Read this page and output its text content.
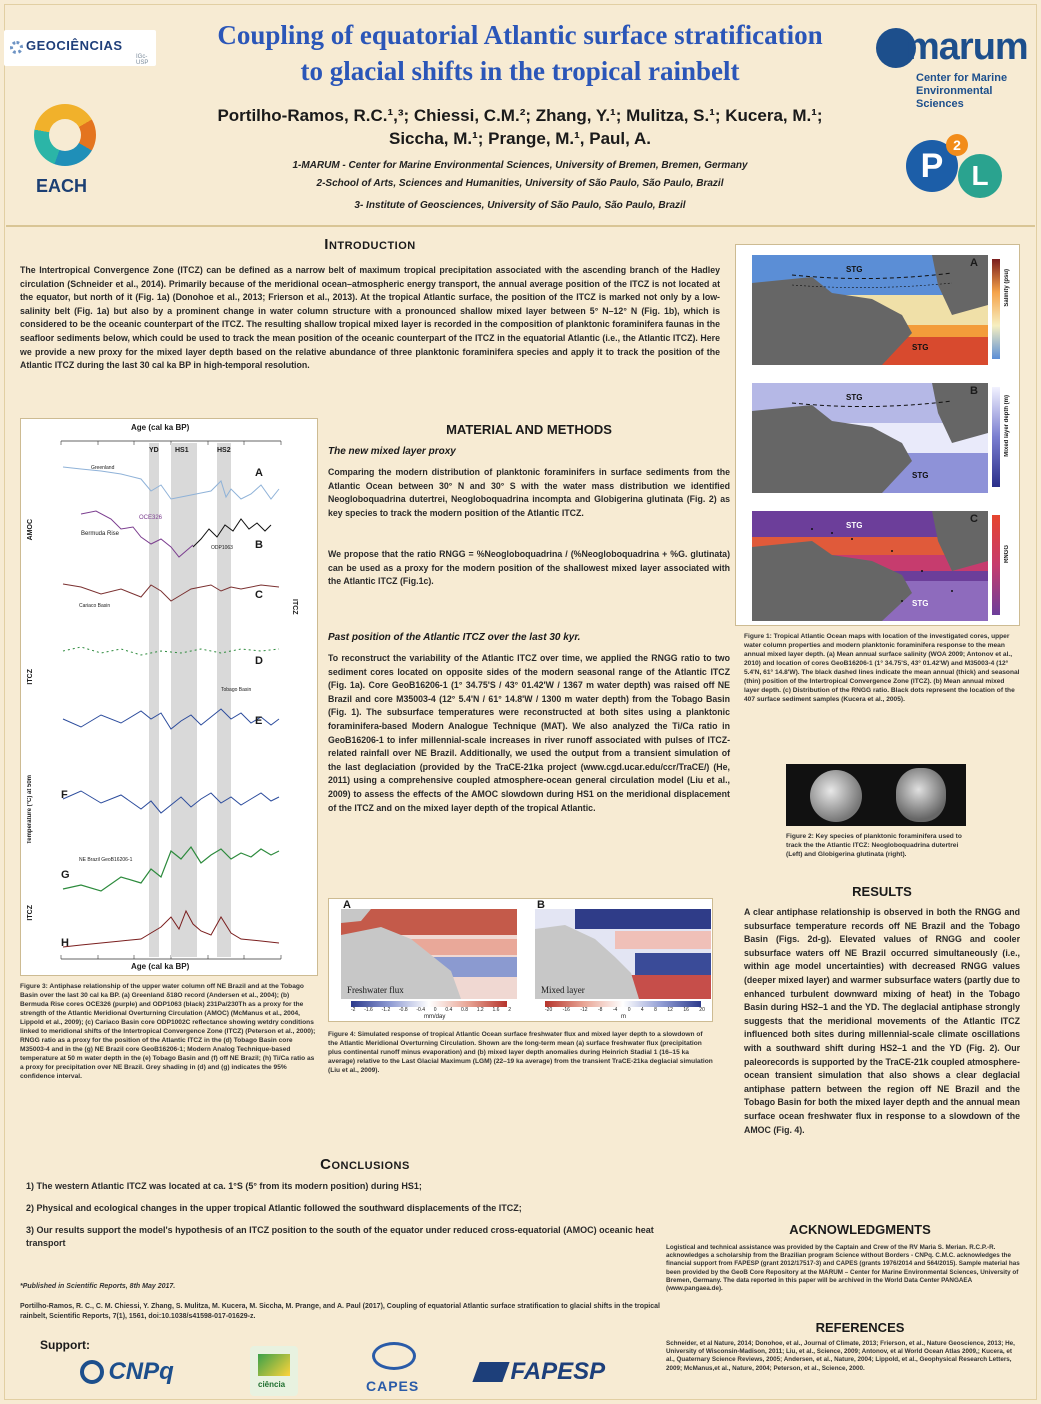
GEOCIÊNCIAS
IGc-USP
EACH
marum
Center for Marine
Environmental Sciences
P	L
2
Coupling of equatorial Atlantic surface stratification
to glacial shifts in the tropical rainbelt
Portilho-Ramos, R.C.¹,³; Chiessi, C.M.²; Zhang, Y.¹; Mulitza, S.¹; Kucera, M.¹;
Siccha, M.¹; Prange, M.¹, Paul, A.
1-MARUM - Center for Marine Environmental Sciences, University of Bremen, Bremen, Germany
2-School of Arts, Sciences and Humanities, University of São Paulo, São Paulo, Brazil
3- Institute of Geosciences, University of São Paulo, São Paulo, Brazil
Introduction
The Intertropical Convergence Zone (ITCZ) can be defined as a narrow belt of maximum tropical precipitation associated with the ascending branch of the Hadley circulation (Schneider et al., 2014). Primarily because of the meridional ocean–atmospheric energy transport, the annual average position of the ITCZ is not located at the equator, but north of it (Fig. 1a) (Donohoe et al., 2013; Frierson et al., 2013). At the tropical Atlantic surface, the position of the ITCZ is marked not only by a low-salinity belt (Fig. 1a) but also by a prominent change in water column structure with a pronounced shallow mixed layer between 5° N–12° N (Fig. 1b), which is considered to be the oceanic counterpart of the ITCZ. The resulting shallow tropical mixed layer is recorded in the composition of planktonic foraminifera faunas in the seafloor sediments below, which could be used to track the mean position of the oceanic counterpart of the ITCZ in the equatorial Atlantic (i.e., the Atlantic ITCZ). Here we provide a new proxy for the mixed layer depth based on the relative abundance of three planktonic foraminifera species and apply it to track the position of the Atlantic ITCZ during the last 30 cal ka BP in high-temporal resolution.
Age (cal ka BP)
YD HS1	HS2
A
B
C
D
E
F
G
H
Greenland
OCE326
Bermuda Rise
ODP1063
Cariaco Basin
Tobago Basin
NE Brazil GeoB16206-1
AMOC
ITCZ
ITCZ
Temperature (°C) at 50m
ITCZ
Age (cal ka BP)
Figure 3: Antiphase relationship of the upper water column off NE Brazil and at the Tobago Basin over the last 30 cal ka BP. (a) Greenland δ18O record (Andersen et al., 2004); (b) Bermuda Rise cores OCE326 (purple) and ODP1063 (black) 231Pa/230Th as a proxy for the strength of the Atlantic Meridional Overturning Circulation (AMOC) (McManus et al., 2004, Lippold et al., 2009); (c) Cariaco Basin core ODP1002C reflectance showing wetdry conditions linked to meridional shifts of the Intertropical Convergence Zone (ITCZ) (Peterson et al., 2000); RNGG ratio as a proxy for the position of the Atlantic ITCZ in the (d) Tobago Basin core M35003-4 and in the (g) NE Brazil core GeoB16206-1; Modern Analog Technique-based temperature at 50 m water depth in the (e) Tobago Basin and (f) off NE Brazil; (h) Ti/Ca ratio as a proxy for precipitation over NE Brazil. Grey shading in (d) and (g) indicates the 95% confidence interval.
MATERIAL AND METHODS
The new mixed layer proxy
Comparing the modern distribution of planktonic foraminifers in surface sediments from the Atlantic Ocean between 30° N and 30° S with the water mass distribution we identified Neogloboquadrina dutertrei, Neogloboquadrina incompta and Globigerina glutinata (Fig. 2) as key species to track the modern position of the Atlantic ITCZ.
We propose that the ratio RNGG = %Neogloboquadrina / (%Neogloboquadrina + %G. glutinata) can be used as a proxy for the modern position of the shallowest mixed layer associated with the Atlantic ITCZ (Fig.1c).
Past position of the Atlantic ITCZ over the last 30 kyr.
To reconstruct the variability of the Atlantic ITCZ over time, we applied the RNGG ratio to two sediment cores located on opposite sides of the modern seasonal range of the Atlantic ITCZ (Fig. 1a). Core GeoB16206-1 (1° 34.75'S / 43° 01.42'W / 1367 m water depth) was raised off NE Brazil and core M35003-4 (12° 5.4'N / 61° 14.8'W / 1300 m water depth) from the Tobago Basin (Fig. 1). The subsurface temperatures were reconstructed at both sites using a planktonic foraminifera-based Modern Analogue Technique (MAT). We also analyzed the Ti/Ca ratio in GeoB16206-1 to infer millennial-scale increases in river runoff associated with pulses of ITCZ-related rainfall over NE Brazil. Additionally, we used the output from a transient simulation of the last deglaciation (provided by the TraCE-21ka project (www.cgd.ucar.edu/ccr/TraCE/) (He, 2011) using a comprehensive coupled atmosphere-ocean general circulation model (Liu et al., 2009) to assess the effects of the AMOC slowdown during HS1 on the meridional displacement of the ITCZ and on the mixed layer depth of the tropical Atlantic.
A	B
Freshwater flux	Mixed layer
-2 -1.6 -1.2 -0.8 -0.4 0 0.4 0.8 1.2 1.6 2	-20 -16 -12 -8 -4 0 4 8 12 16 20
mm/day	m
Figure 4: Simulated response of tropical Atlantic Ocean surface freshwater flux and mixed layer depth to a slowdown of the Atlantic Meridional Overturning Circulation. Shown are the long-term mean (a) surface freshwater flux (precipitation plus continental runoff minus evaporation) and (b) mixed layer depth anomalies during Heinrich Stadial 1 (16–15 ka average) relative to the Last Glacial Maximum (LGM) (22–19 ka average) from the transient TraCE-21ka deglacial simulation (Liu et al., 2009).
A
B
C
STG
STG
STG
STG
STG
STG
Salinity (psu)
Mixed layer depth (m)
RNGG
Figure 1: Tropical Atlantic Ocean maps with location of the investigated cores, upper water column properties and modern planktonic foraminifera response to the mean annual mixed layer depth. (a) Mean annual surface salinity (WOA 2009; Antonov et al., 2010) and location of cores GeoB16206-1 (1° 34.75'S, 43° 01.42'W) and M35003-4 (12° 5.4'N, 61° 14.8'W). The black dashed lines indicate the mean annual (thick) and seasonal (thin) position of the Intertropical Convergence Zone (ITCZ). (b) Mean annual mixed layer depth. (c) Distribution of the RNGG ratio. Black dots represent the location of the 407 surface sediment samples (Kucera et al., 2005).
Figure 2: Key species of planktonic foraminifera used to track the the Atlantic ITCZ: Neogloboquadrina dutertrei (Left) and Globigerina glutinata (right).
RESULTS
A clear antiphase relationship is observed in both the RNGG and subsurface temperature records off NE Brazil and the Tobago Basin (Figs. 2d-g). Elevated values of RNGG and cooler subsurface waters off NE Brazil occurred simultaneously (i.e., within age model uncertainties) with decreased RNGG values (deeper mixed layer) and warmer subsurface waters (partly due to enhanced turbulent downward mixing of heat) in the Tobago Basin during HS2–1 and the YD. The deglacial antiphase strongly suggests that the meridional movements of the Atlantic ITCZ influenced both sites during millennial-scale climate oscillations with a southward shift during HS2–1 and the YD (Fig. 2). Our paleorecords is supported by the TraCE-21k coupled atmosphere-ocean transient simulation that also shows a clear deglacial antiphase pattern between the region off NE Brazil and the Tobago Basin for both the mixed layer depth and the annual mean surface ocean freshwater flux in response to a slowdown of the AMOC (Fig. 4).
ACKNOWLEDGMENTS
Logistical and technical assistance was provided by the Captain and Crew of the RV Maria S. Merian. R.C.P.-R. acknowledges a scholarship from the Brazilian program Science without Borders - CNPq. C.M.C. acknowledges the financial support from FAPESP (grant 2012/17517-3) and CAPES (grants 1976/2014 and 564/2015). Sample material has been provided by the GeoB Core Repository at the MARUM – Center for Marine Environmental Sciences, University of Bremen, Germany. The data reported in this paper will be archived in the World Data Center PANGAEA (www.pangaea.de).
REFERENCES
Schneider, et al Nature, 2014; Donohoe, et al., Journal of Climate, 2013; Frierson, et al., Nature Geoscience, 2013; He, University of Wisconsin-Madison, 2011; Liu, et al., Science, 2009; Antonov, et al World Ocean Atlas 2009,; Kucera, et al., Quaternary Science Reviews, 2005; Andersen, et al., Nature, 2004; Lippold, et al., Geophysical Research Letters, 2009; McManus,et al., Nature, 2004; Peterson, et al., Science, 2000.
Conclusions
1) The western Atlantic ITCZ was located at ca. 1°S (5° from its modern position) during HS1;
2) Physical and ecological changes in the upper tropical Atlantic followed the southward displacements of the ITCZ;
3) Our results support the model's hypothesis of an ITCZ position to the south of the equator under reduced cross-equatorial (AMOC) oceanic heat transport
*Published in Scientific Reports, 8th May 2017.
Portilho-Ramos, R. C., C. M. Chiessi, Y. Zhang, S. Mulitza, M. Kucera, M. Siccha, M. Prange, and A. Paul (2017), Coupling of equatorial Atlantic surface stratification to glacial shifts in the tropical rainbelt, Scientific Reports, 7(1), 1561, doi:10.1038/s41598-017-01629-z.
Support:
CNPq	ciência	CAPES
FAPESP
